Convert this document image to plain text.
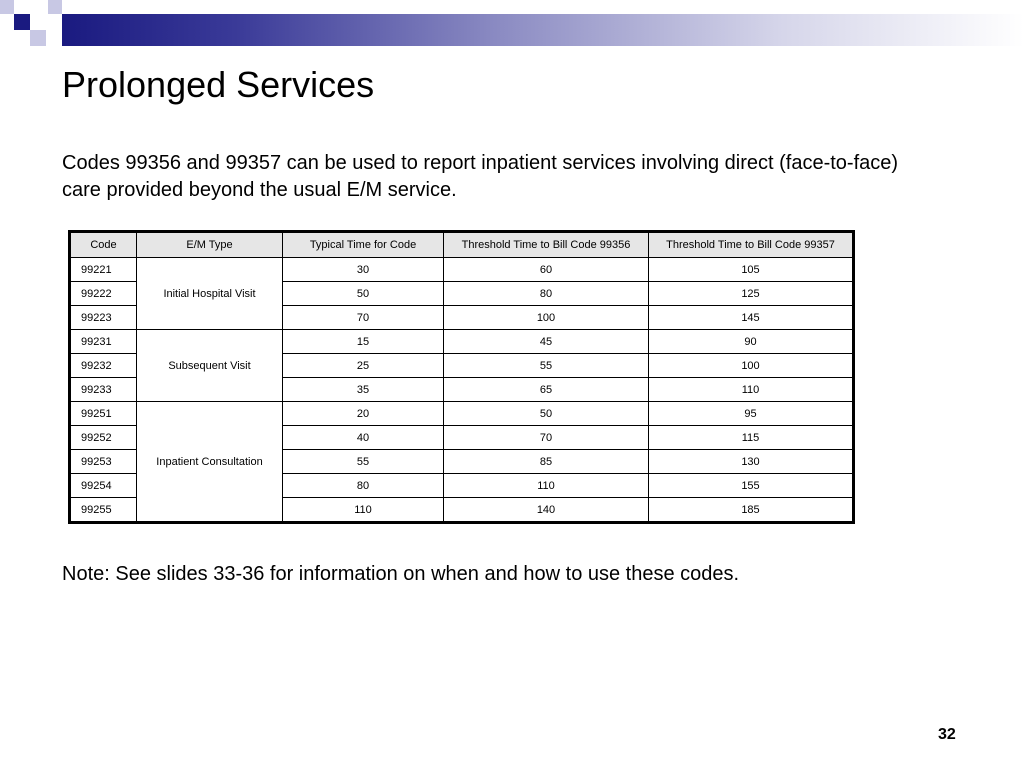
Prolonged Services

Codes 99356 and 99357 can be used to report inpatient services involving direct (face-to-face) care provided beyond the usual E/M service.

Code	E/M Type	Typical Time for Code	Threshold Time to Bill Code 99356	Threshold Time to Bill Code 99357
99221	Initial Hospital Visit	30	60	105
99222		50	80	125
99223		70	100	145
99231	Subsequent Visit	15	45	90
99232		25	55	100
99233		35	65	110
99251	Inpatient Consultation	20	50	95
99252		40	70	115
99253		55	85	130
99254		80	110	155
99255		110	140	185

Note: See slides 33-36 for information on when and how to use these codes.

32
